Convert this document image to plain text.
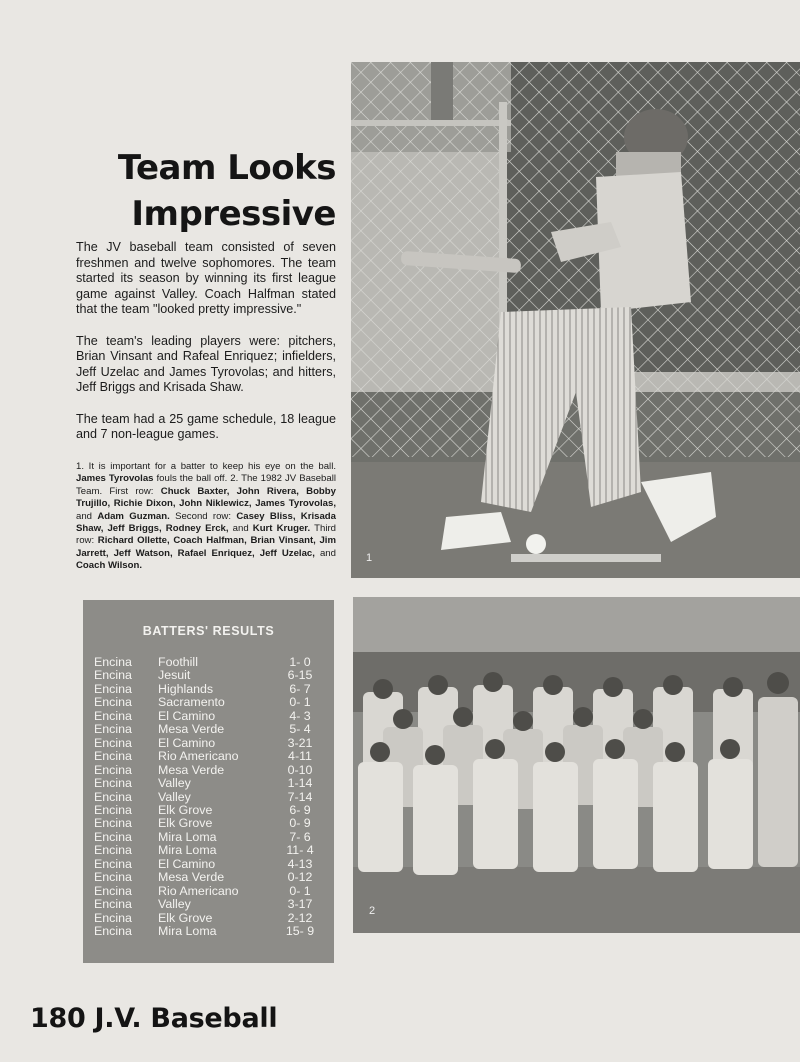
Team Looks
Impressive

The JV baseball team consisted of seven freshmen and twelve sophomores. The team started its season by winning its first league game against Valley. Coach Halfman stated that the team "looked pretty impressive."

The team's leading players were: pitchers, Brian Vinsant and Rafeal Enriquez; infielders, Jeff Uzelac and James Tyrovolas; and hitters, Jeff Briggs and Krisada Shaw.

The team had a 25 game schedule, 18 league and 7 non-league games.

1. It is important for a batter to keep his eye on the ball. James Tyrovolas fouls the ball off. 2. The 1982 JV Baseball Team. First row: Chuck Baxter, John Rivera, Bobby Trujillo, Richie Dixon, John Niklewicz, James Tyrovolas, and Adam Guzman. Second row: Casey Bliss, Krisada Shaw, Jeff Briggs, Rodney Erck, and Kurt Kruger. Third row: Richard Ollette, Coach Halfman, Brian Vinsant, Jim Jarrett, Jeff Watson, Rafael Enriquez, Jeff Uzelac, and Coach Wilson.
1
2
BATTERS' RESULTS
Encina	Foothill	1- 0
Encina	Jesuit	6-15
Encina	Highlands	6- 7
Encina	Sacramento	0- 1
Encina	El Camino	4- 3
Encina	Mesa Verde	5- 4
Encina	El Camino	3-21
Encina	Rio Americano	4-11
Encina	Mesa Verde	0-10
Encina	Valley	1-14
Encina	Valley	7-14
Encina	Elk Grove	6- 9
Encina	Elk Grove	0- 9
Encina	Mira Loma	7- 6
Encina	Mira Loma	11- 4
Encina	El Camino	4-13
Encina	Mesa Verde	0-12
Encina	Rio Americano	0- 1
Encina	Valley	3-17
Encina	Elk Grove	2-12
Encina	Mira Loma	15- 9
180 J.V. Baseball
